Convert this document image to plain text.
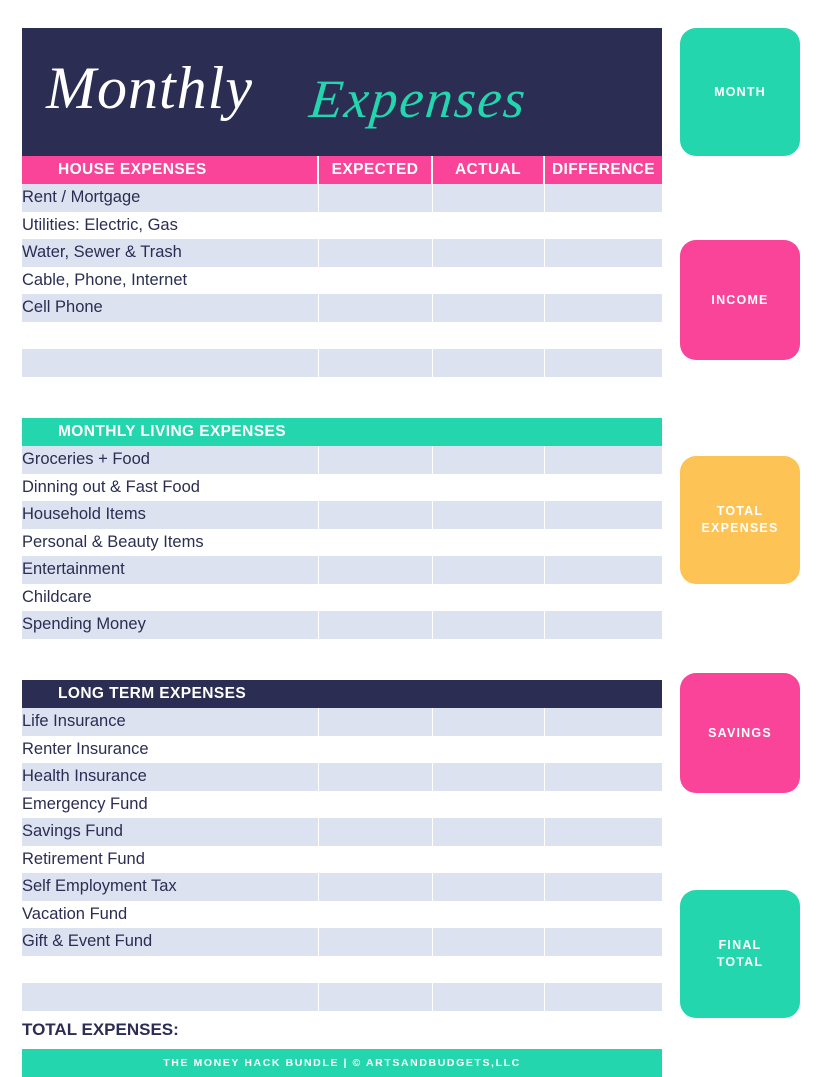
Monthly Expenses
HOUSE EXPENSES	EXPECTED	ACTUAL	DIFFERENCE
Rent / Mortgage			
Utilities: Electric, Gas			
Water, Sewer & Trash			
Cable, Phone, Internet			
Cell Phone			

MONTHLY LIVING EXPENSES			
Groceries + Food			
Dinning out & Fast Food			
Household Items			
Personal & Beauty Items			
Entertainment			
Childcare			
Spending Money			

LONG TERM EXPENSES			
Life Insurance			
Renter Insurance			
Health Insurance			
Emergency Fund			
Savings Fund			
Retirement Fund			
Self Employment Tax			
Vacation Fund			
Gift & Event Fund			

TOTAL EXPENSES:			
THE MONEY HACK BUNDLE | © ARTSANDBUDGETS,LLC
MONTH
INCOME
TOTAL
EXPENSES
SAVINGS
FINAL
TOTAL
